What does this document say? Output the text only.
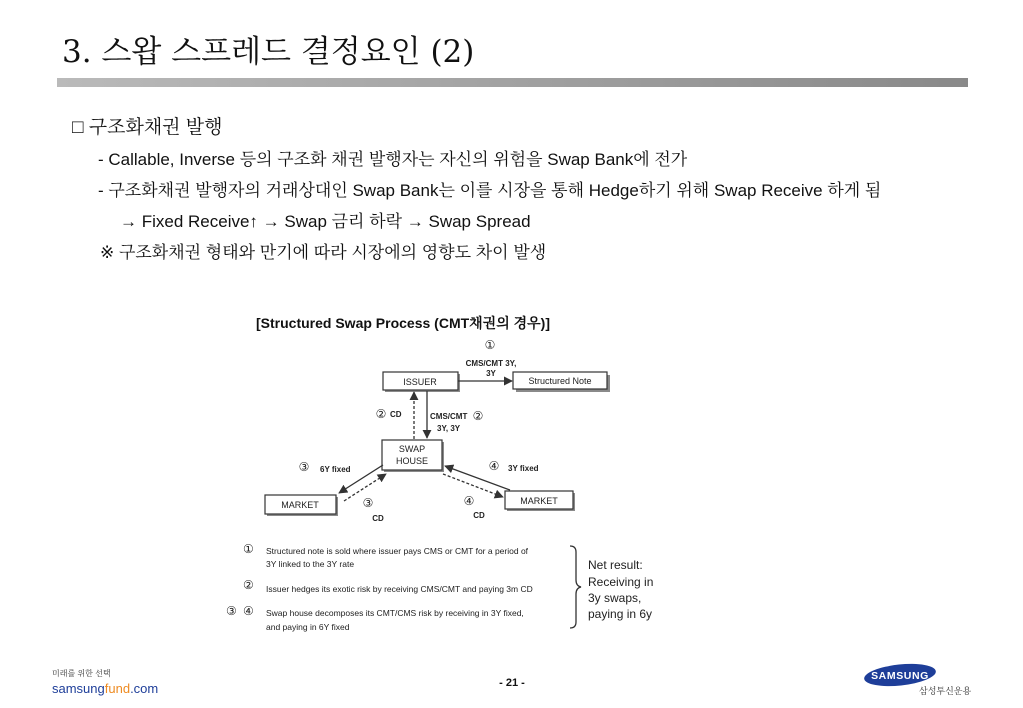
3. 스왑 스프레드 결정요인 (2)
□ 구조화채권 발행
- Callable, Inverse 등의 구조화 채권 발행자는 자신의 위험을 Swap Bank에 전가
- 구조화채권 발행자의 거래상대인 Swap Bank는 이를 시장을 통해 Hedge하기 위해 Swap Receive 하게 됨
→ Fixed Receive↑ → Swap 금리 하락 → Swap Spread
※ 구조화채권 형태와 만기에 따라 시장에의 영향도 차이 발생
[Structured Swap Process (CMT채권의 경우)]
ISSUER	Structured Note
①
CMS/CMT 3Y,
3Y
SWAP
HOUSE
② CD	CMS/CMT ②
3Y, 3Y
MARKET
③ 6Y fixed
③
CD
MARKET
④ 3Y fixed
④
CD
① Structured note is sold where issuer pays CMS or CMT for a period of
3Y linked to the 3Y rate
② Issuer hedges its exotic risk by receiving CMS/CMT and paying 3m CD
③ ④ Swap house decomposes its CMT/CMS risk by receiving in 3Y fixed,
and paying in 6Y fixed
Net result:
Receiving in
3y swaps,
paying in 6y
미래를 위한 선택
samsungfund.com	- 21 -
SAMSUNG
삼성투신운용
